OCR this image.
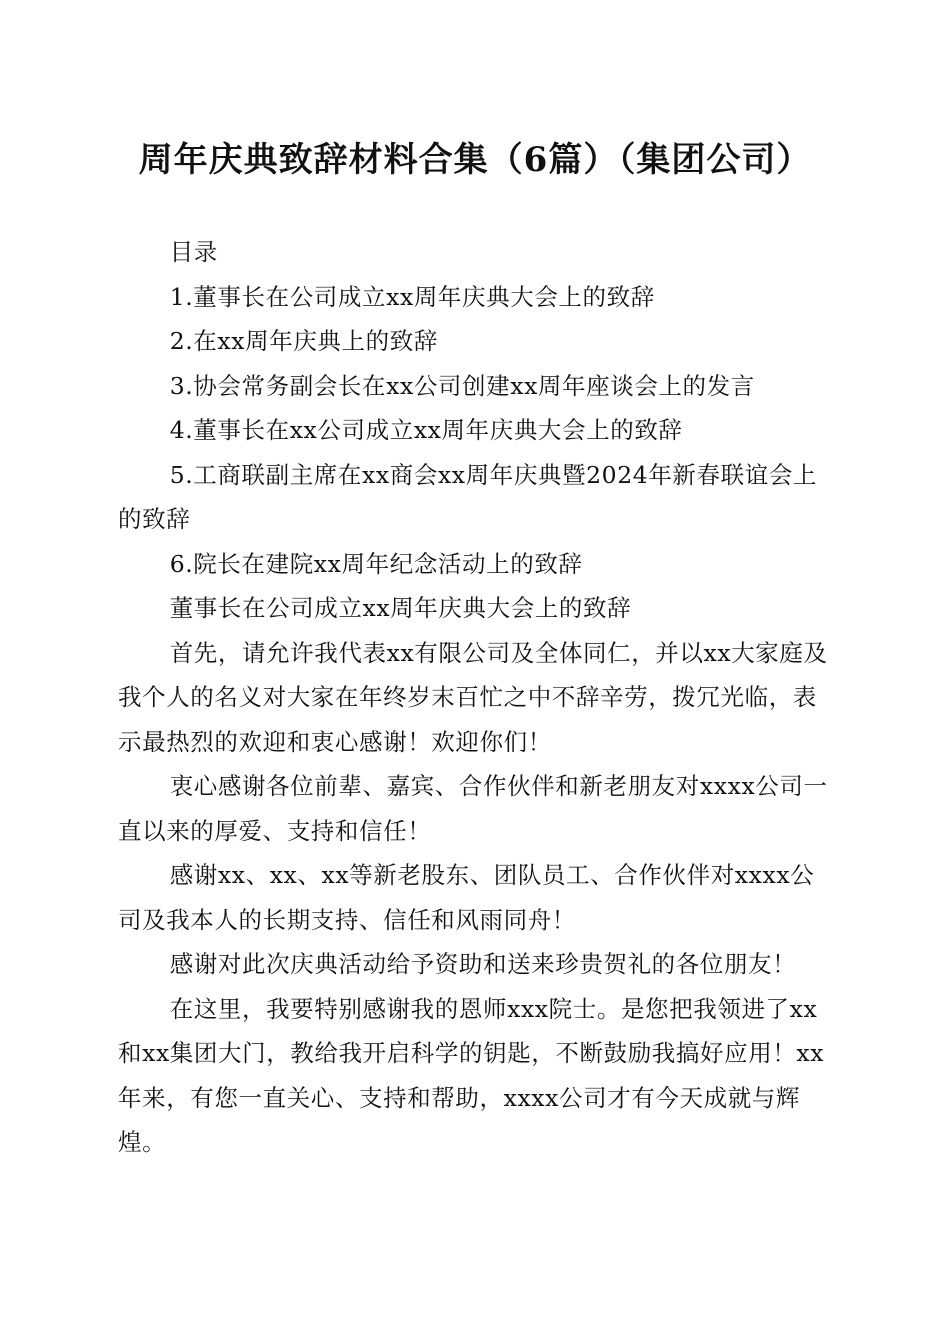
周年庆典致辞材料合集（6篇）（集团公司）

目录

1.董事长在公司成立xx周年庆典大会上的致辞

2.在xx周年庆典上的致辞

3.协会常务副会长在xx公司创建xx周年座谈会上的发言

4.董事长在xx公司成立xx周年庆典大会上的致辞

5.工商联副主席在xx商会xx周年庆典暨2024年新春联谊会上的致辞

6.院长在建院xx周年纪念活动上的致辞

董事长在公司成立xx周年庆典大会上的致辞

首先，请允许我代表xx有限公司及全体同仁，并以xx大家庭及我个人的名义对大家在年终岁末百忙之中不辞辛劳，拨冗光临，表示最热烈的欢迎和衷心感谢！欢迎你们！

衷心感谢各位前辈、嘉宾、合作伙伴和新老朋友对xxxx公司一直以来的厚爱、支持和信任！

感谢xx、xx、xx等新老股东、团队员工、合作伙伴对xxxx公司及我本人的长期支持、信任和风雨同舟！

感谢对此次庆典活动给予资助和送来珍贵贺礼的各位朋友！

在这里，我要特别感谢我的恩师xxx院士。是您把我领进了xx和xx集团大门，教给我开启科学的钥匙，不断鼓励我搞好应用！xx年来，有您一直关心、支持和帮助，xxxx公司才有今天成就与辉煌。
